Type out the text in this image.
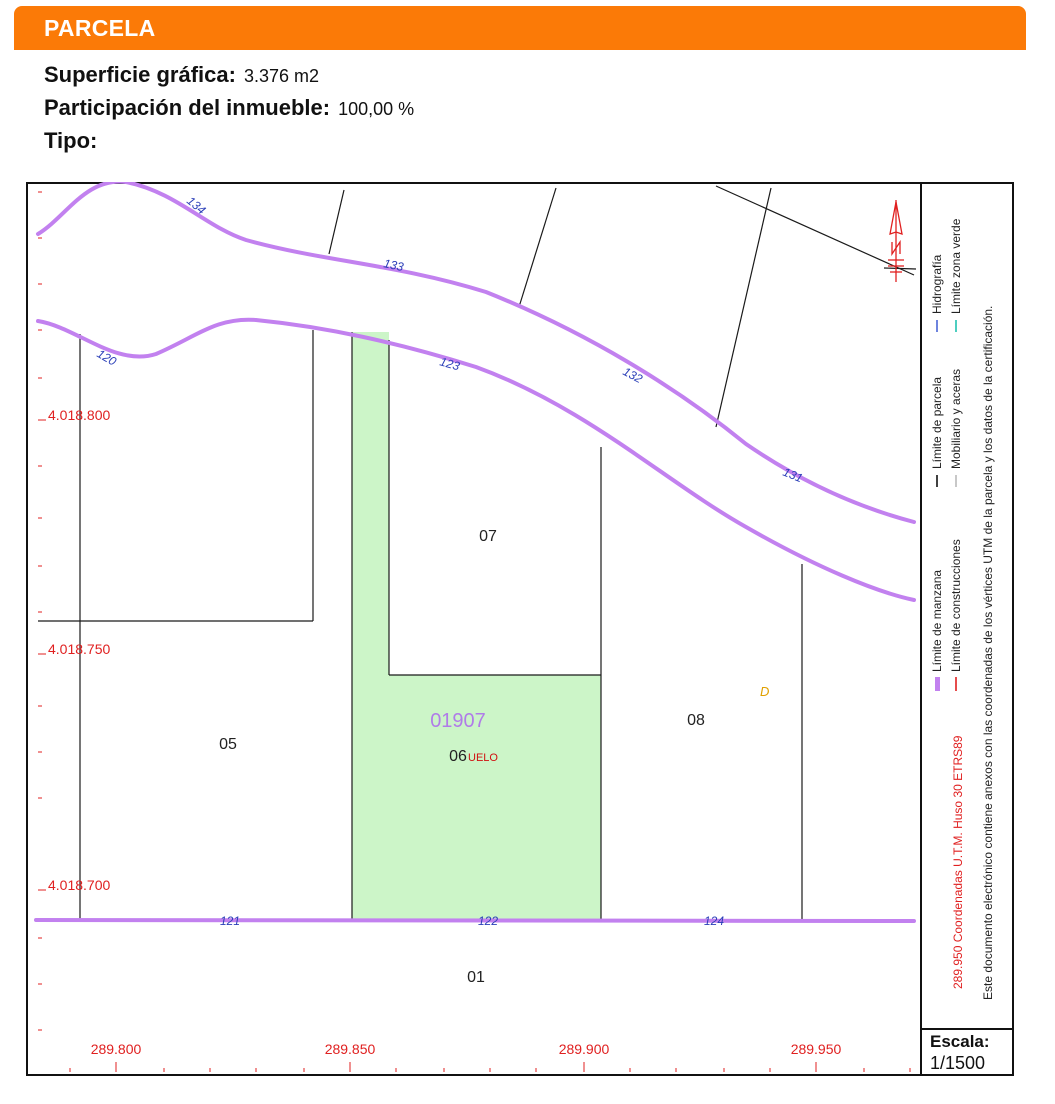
PARCELA
Superficie gráfica: 3.376 m2
Participación del inmueble: 100,00 %
Tipo:
4.018.800
4.018.750
4.018.700
289.800	289.850	289.900	289.950
134
133
120	123
132
131
121	122	124
07
05
06
08
01
01907
UELO
D
Límite de manzana
Límite de parcela
Hidrografía
Límite de construcciones
Mobiliario y aceras
Límite zona verde
289.950 Coordenadas U.T.M. Huso 30 ETRS89 Este documento electrónico contiene anexos con las coordenadas de los vértices UTM de la parcela y los datos de la certificación.
Escala:
1/1500
